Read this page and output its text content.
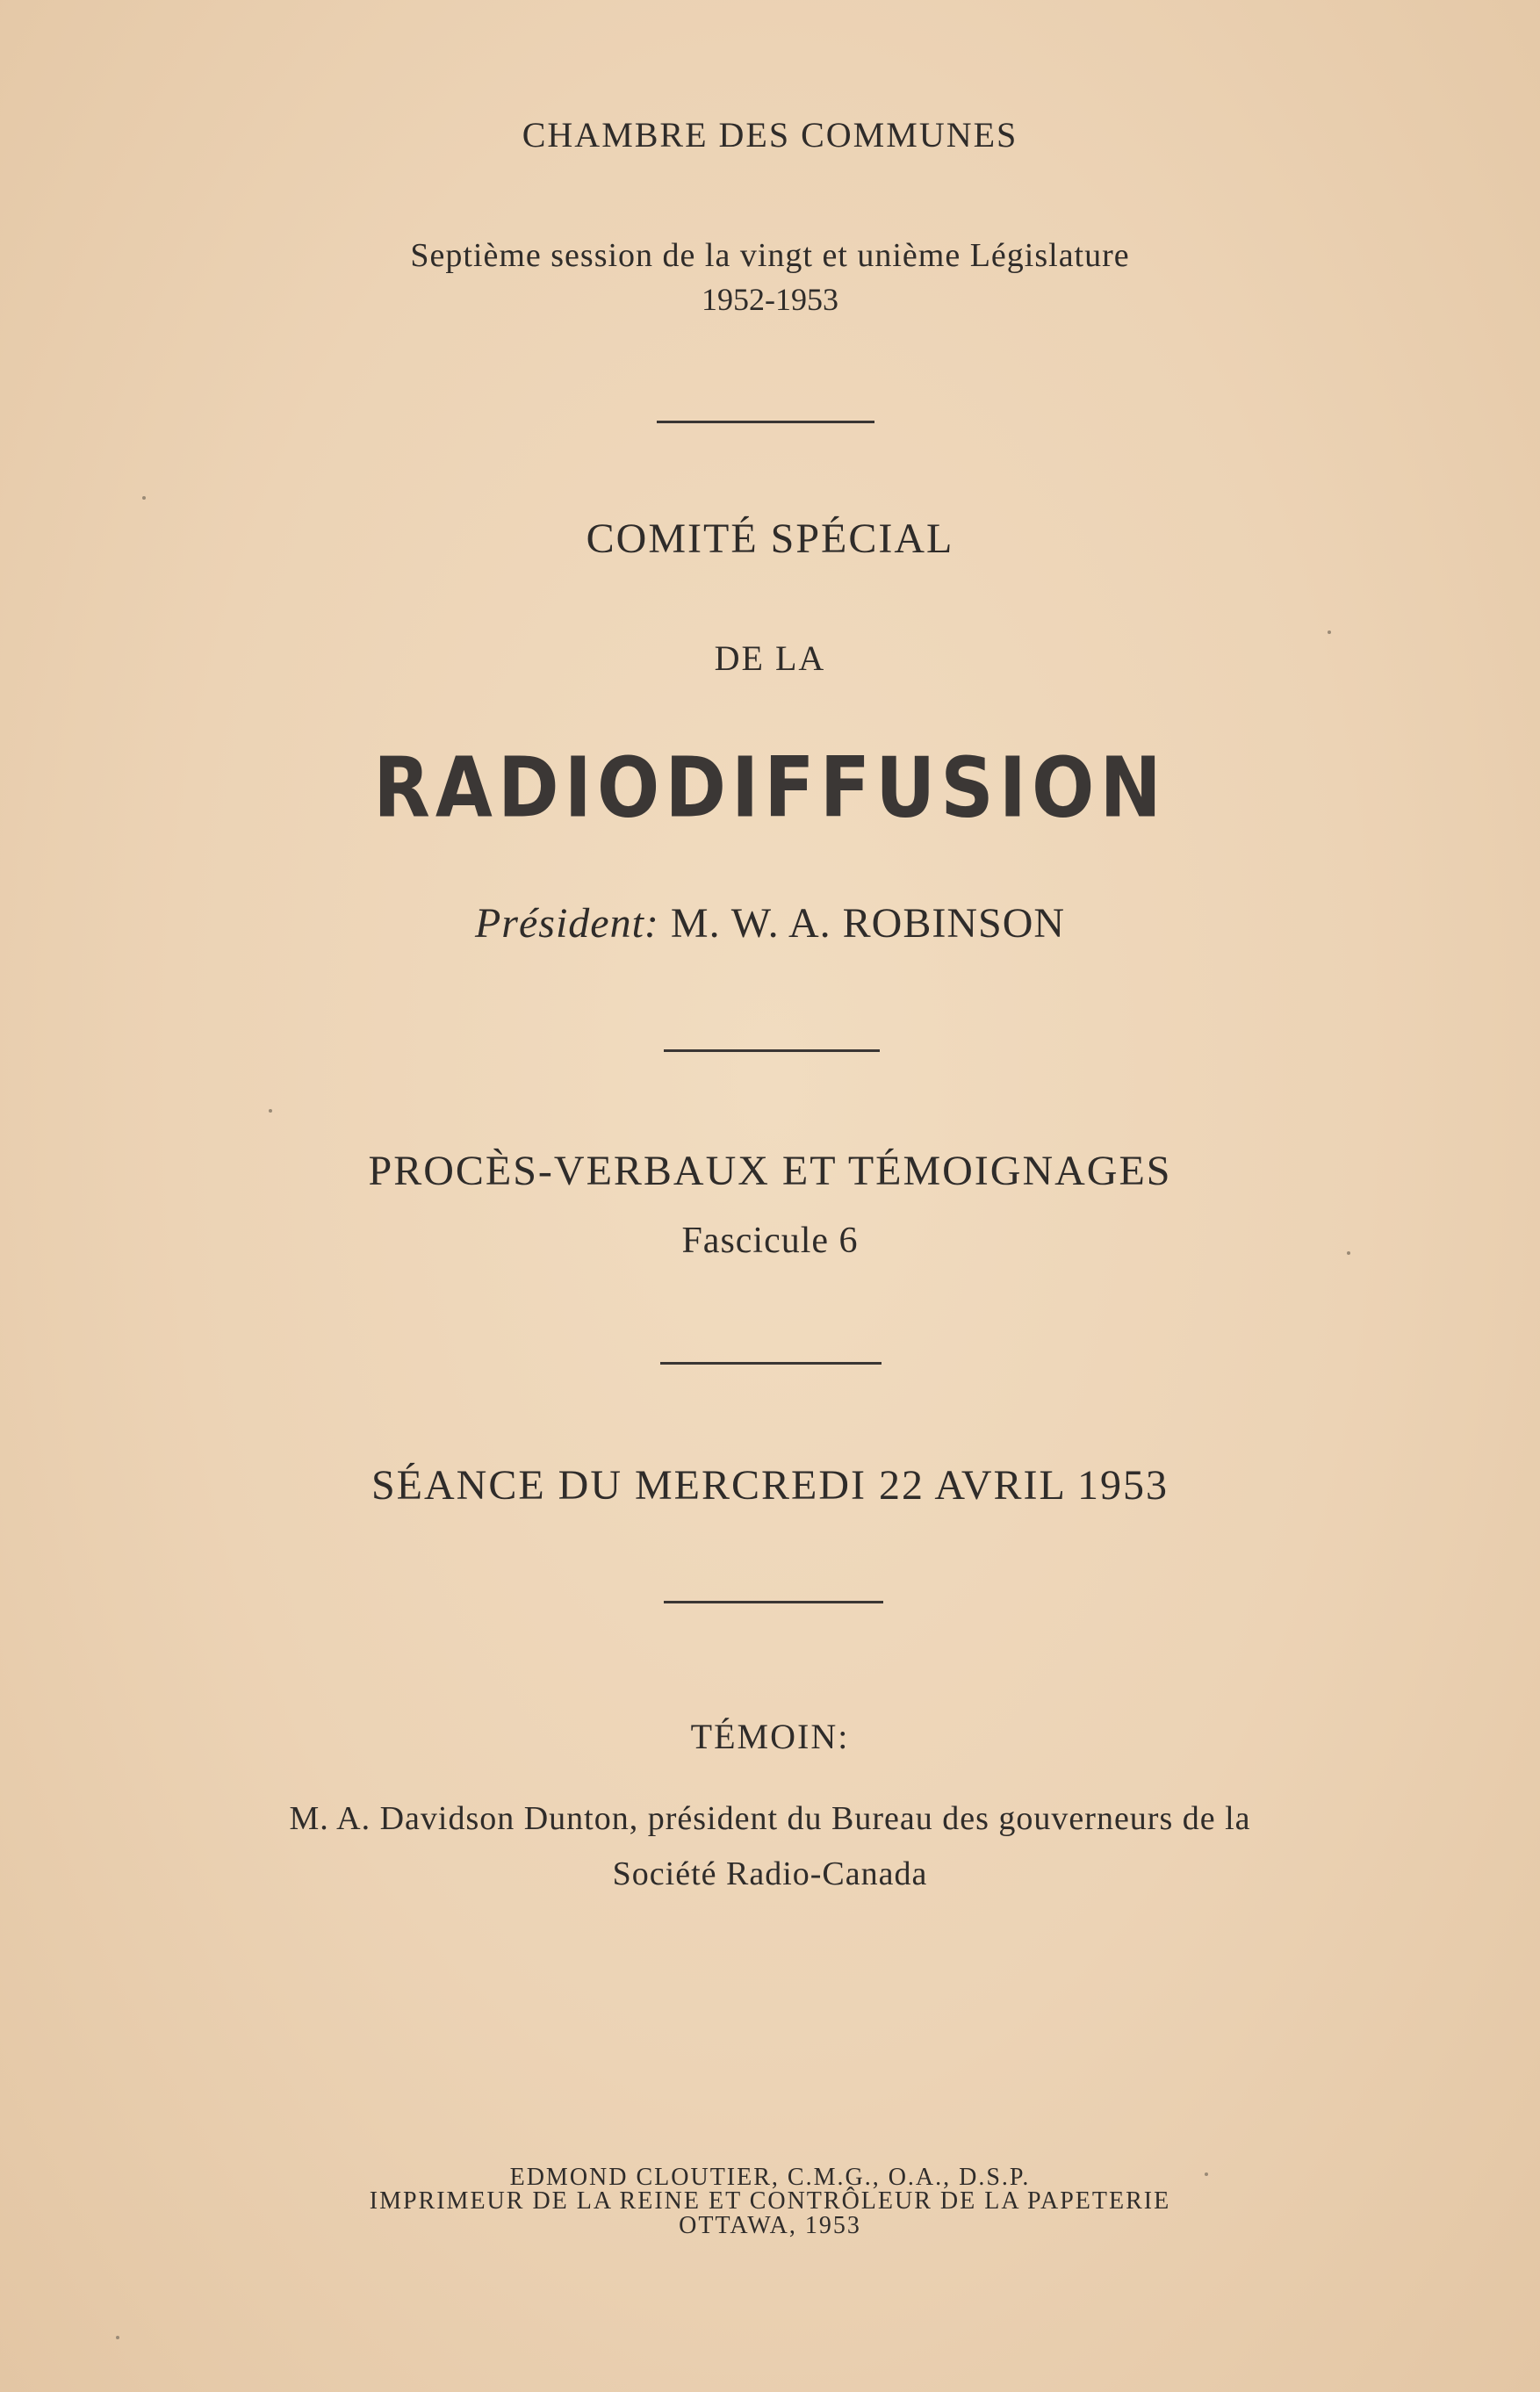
CHAMBRE DES COMMUNES

Septième session de la vingt et unième Législature

1952-1953

COMITÉ SPÉCIAL

DE LA

RADIODIFFUSION

Président: M. W. A. ROBINSON

PROCÈS-VERBAUX ET TÉMOIGNAGES

Fascicule 6

SÉANCE DU MERCREDI 22 AVRIL 1953

TÉMOIN:

M. A. Davidson Dunton, président du Bureau des gouverneurs de la

Société Radio-Canada

EDMOND CLOUTIER, C.M.G., O.A., D.S.P.

IMPRIMEUR DE LA REINE ET CONTRÔLEUR DE LA PAPETERIE

OTTAWA, 1953
